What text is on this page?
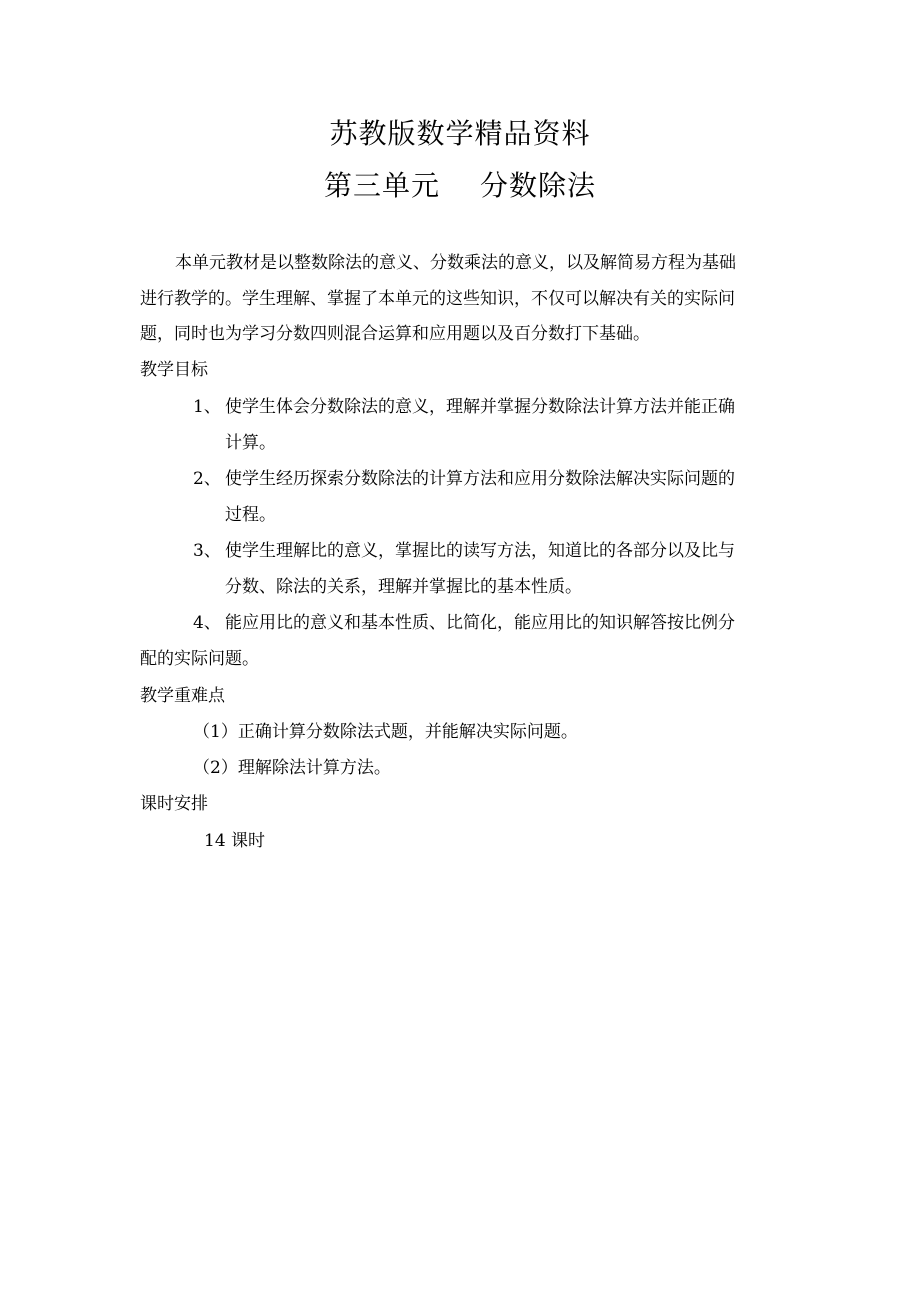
苏教版数学精品资料
第三单元 分数除法
本单元教材是以整数除法的意义、分数乘法的意义，以及解简易方程为基础
进行教学的。学生理解、掌握了本单元的这些知识，不仅可以解决有关的实际问
题，同时也为学习分数四则混合运算和应用题以及百分数打下基础。
教学目标
1、 使学生体会分数除法的意义，理解并掌握分数除法计算方法并能正确
计算。
2、 使学生经历探索分数除法的计算方法和应用分数除法解决实际问题的
过程。
3、 使学生理解比的意义，掌握比的读写方法，知道比的各部分以及比与
分数、除法的关系，理解并掌握比的基本性质。
4、 能应用比的意义和基本性质、比简化，能应用比的知识解答按比例分
配的实际问题。
教学重难点
（1）正确计算分数除法式题，并能解决实际问题。
（2）理解除法计算方法。
课时安排
14 课时
